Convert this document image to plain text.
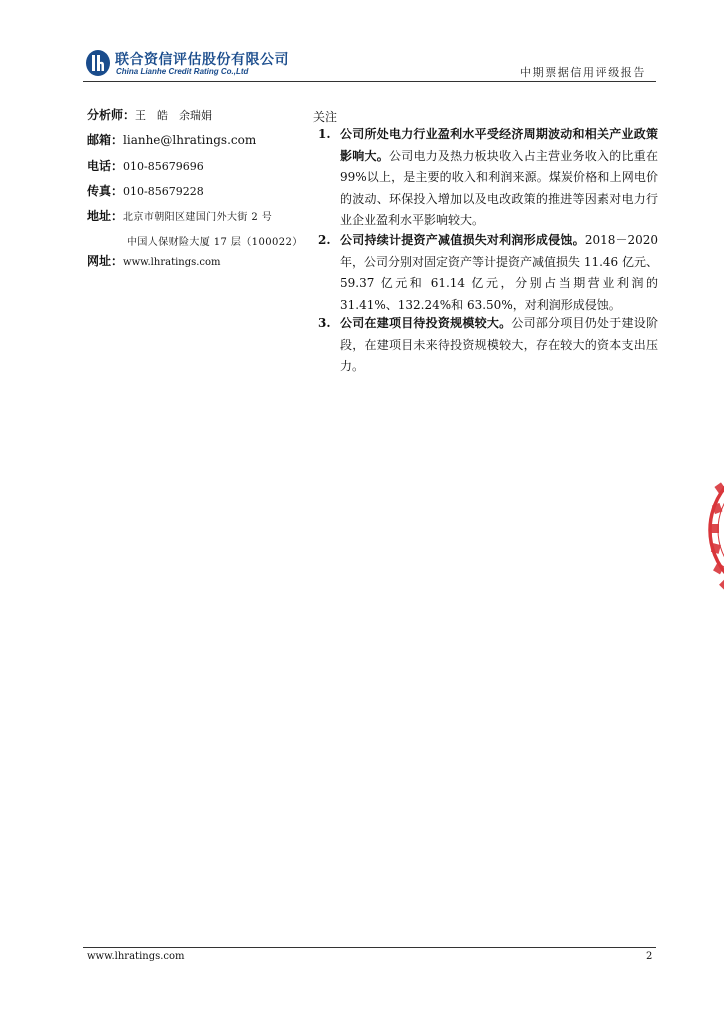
联合资信评估股份有限公司
China Lianhe Credit Rating Co.,Ltd	中期票据信用评级报告
分析师：王　皓　余瑞娟
邮箱：lianhe@lhratings.com
电话：010-85679696
传真：010-85679228
地址：北京市朝阳区建国门外大街 2 号
中国人保财险大厦 17 层（100022）
网址：www.lhratings.com
关注
1. 公司所处电力行业盈利水平受经济周期波动和相关产业政策影响大。公司电力及热力板块收入占主营业务收入的比重在 99%以上，是主要的收入和利润来源。煤炭价格和上网电价的波动、环保投入增加以及电改政策的推进等因素对电力行业企业盈利水平影响较大。
2. 公司持续计提资产减值损失对利润形成侵蚀。2018－2020 年，公司分别对固定资产等计提资产减值损失 11.46 亿元、59.37 亿元和 61.14 亿元，分别占当期营业利润的 31.41%、132.24%和 63.50%，对利润形成侵蚀。
3. 公司在建项目待投资规模较大。公司部分项目仍处于建设阶段，在建项目未来待投资规模较大，存在较大的资本支出压力。
www.lhratings.com	2
